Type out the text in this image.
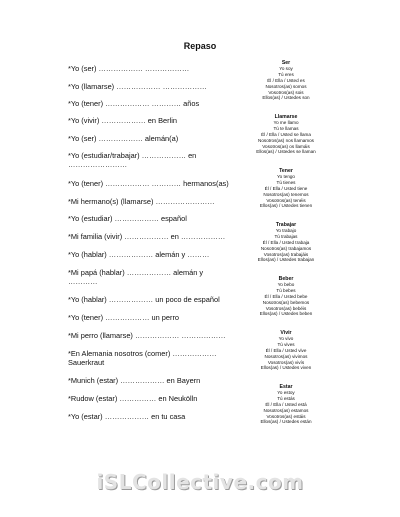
Repaso
*Yo (ser) ……………… ………………
*Yo (llamarse) ……………… ………………
*Yo (tener) ……………… ………… años
*Yo (vivir) ……………… en Berlin
*Yo (ser) ……………… alemán(a)
*Yo (estudiar/trabajar) ……………… en
……………………
*Yo (tener) ……………… ………… hermanos(as)
*Mi hermano(s) (llamarse) ……………………
*Yo (estudiar) ……………… español
*Mi familia (vivir) ……………… en ………………
*Yo (hablar) ……………… alemán y ………
*Mi papá (hablar) ……………… alemán y
…………
*Yo (hablar) ……………… un poco de español
*Yo (tener) ……………… un perro
*Mi perro (llamarse) ……………… ………………
*En Alemania nosotros (comer) ………………
Sauerkraut
*Munich (estar) ……………… en Bayern
*Rudow (estar) …………… en Neukölln
*Yo (estar) ……………… en tu casa
Ser
Yo soy
Tú eres
Él / Ella / Usted es
Nosotros(as) somos
Vosotros(as) sois
Ellos(as) / Ustedes son
Llamarse
Yo me llamo
Tú te llamas
Él / Ella / Usted se llama
Nosotros(as) nos llamamos
Vosotros(as) os llamáis
Ellos(as) / Ustedes se llaman
Tener
Yo tengo
Tú tienes
Él / Ella / Usted tiene
Nosotros(as) tenemos
Vosotros(as) tenéis
Ellos(as) / Ustedes tienen
Trabajar
Yo trabajo
Tú trabajas
Él / Ella / Usted trabaja
Nosotros(as) trabajamos
Vosotros(as) trabajáis
Ellos(as) / Ustedes trabajan
Beber
Yo bebo
Tú bebes
Él / Ella / Usted bebe
Nosotros(as) bebemos
Vosotros(as) bebéis
Ellos(as) / Ustedes beben
Vivir
Yo vivo
Tú vives
Él / Ella / Usted vive
Nosotros(as) vivimos
Vosotros(as) vivís
Ellos(as) / Ustedes viven
Estar
Yo estoy
Tú estás
Él / Ella / Usted está
Nosotros(as) estamos
Vosotros(as) estáis
Ellos(as) / Ustedes están
iSLCollective.com
